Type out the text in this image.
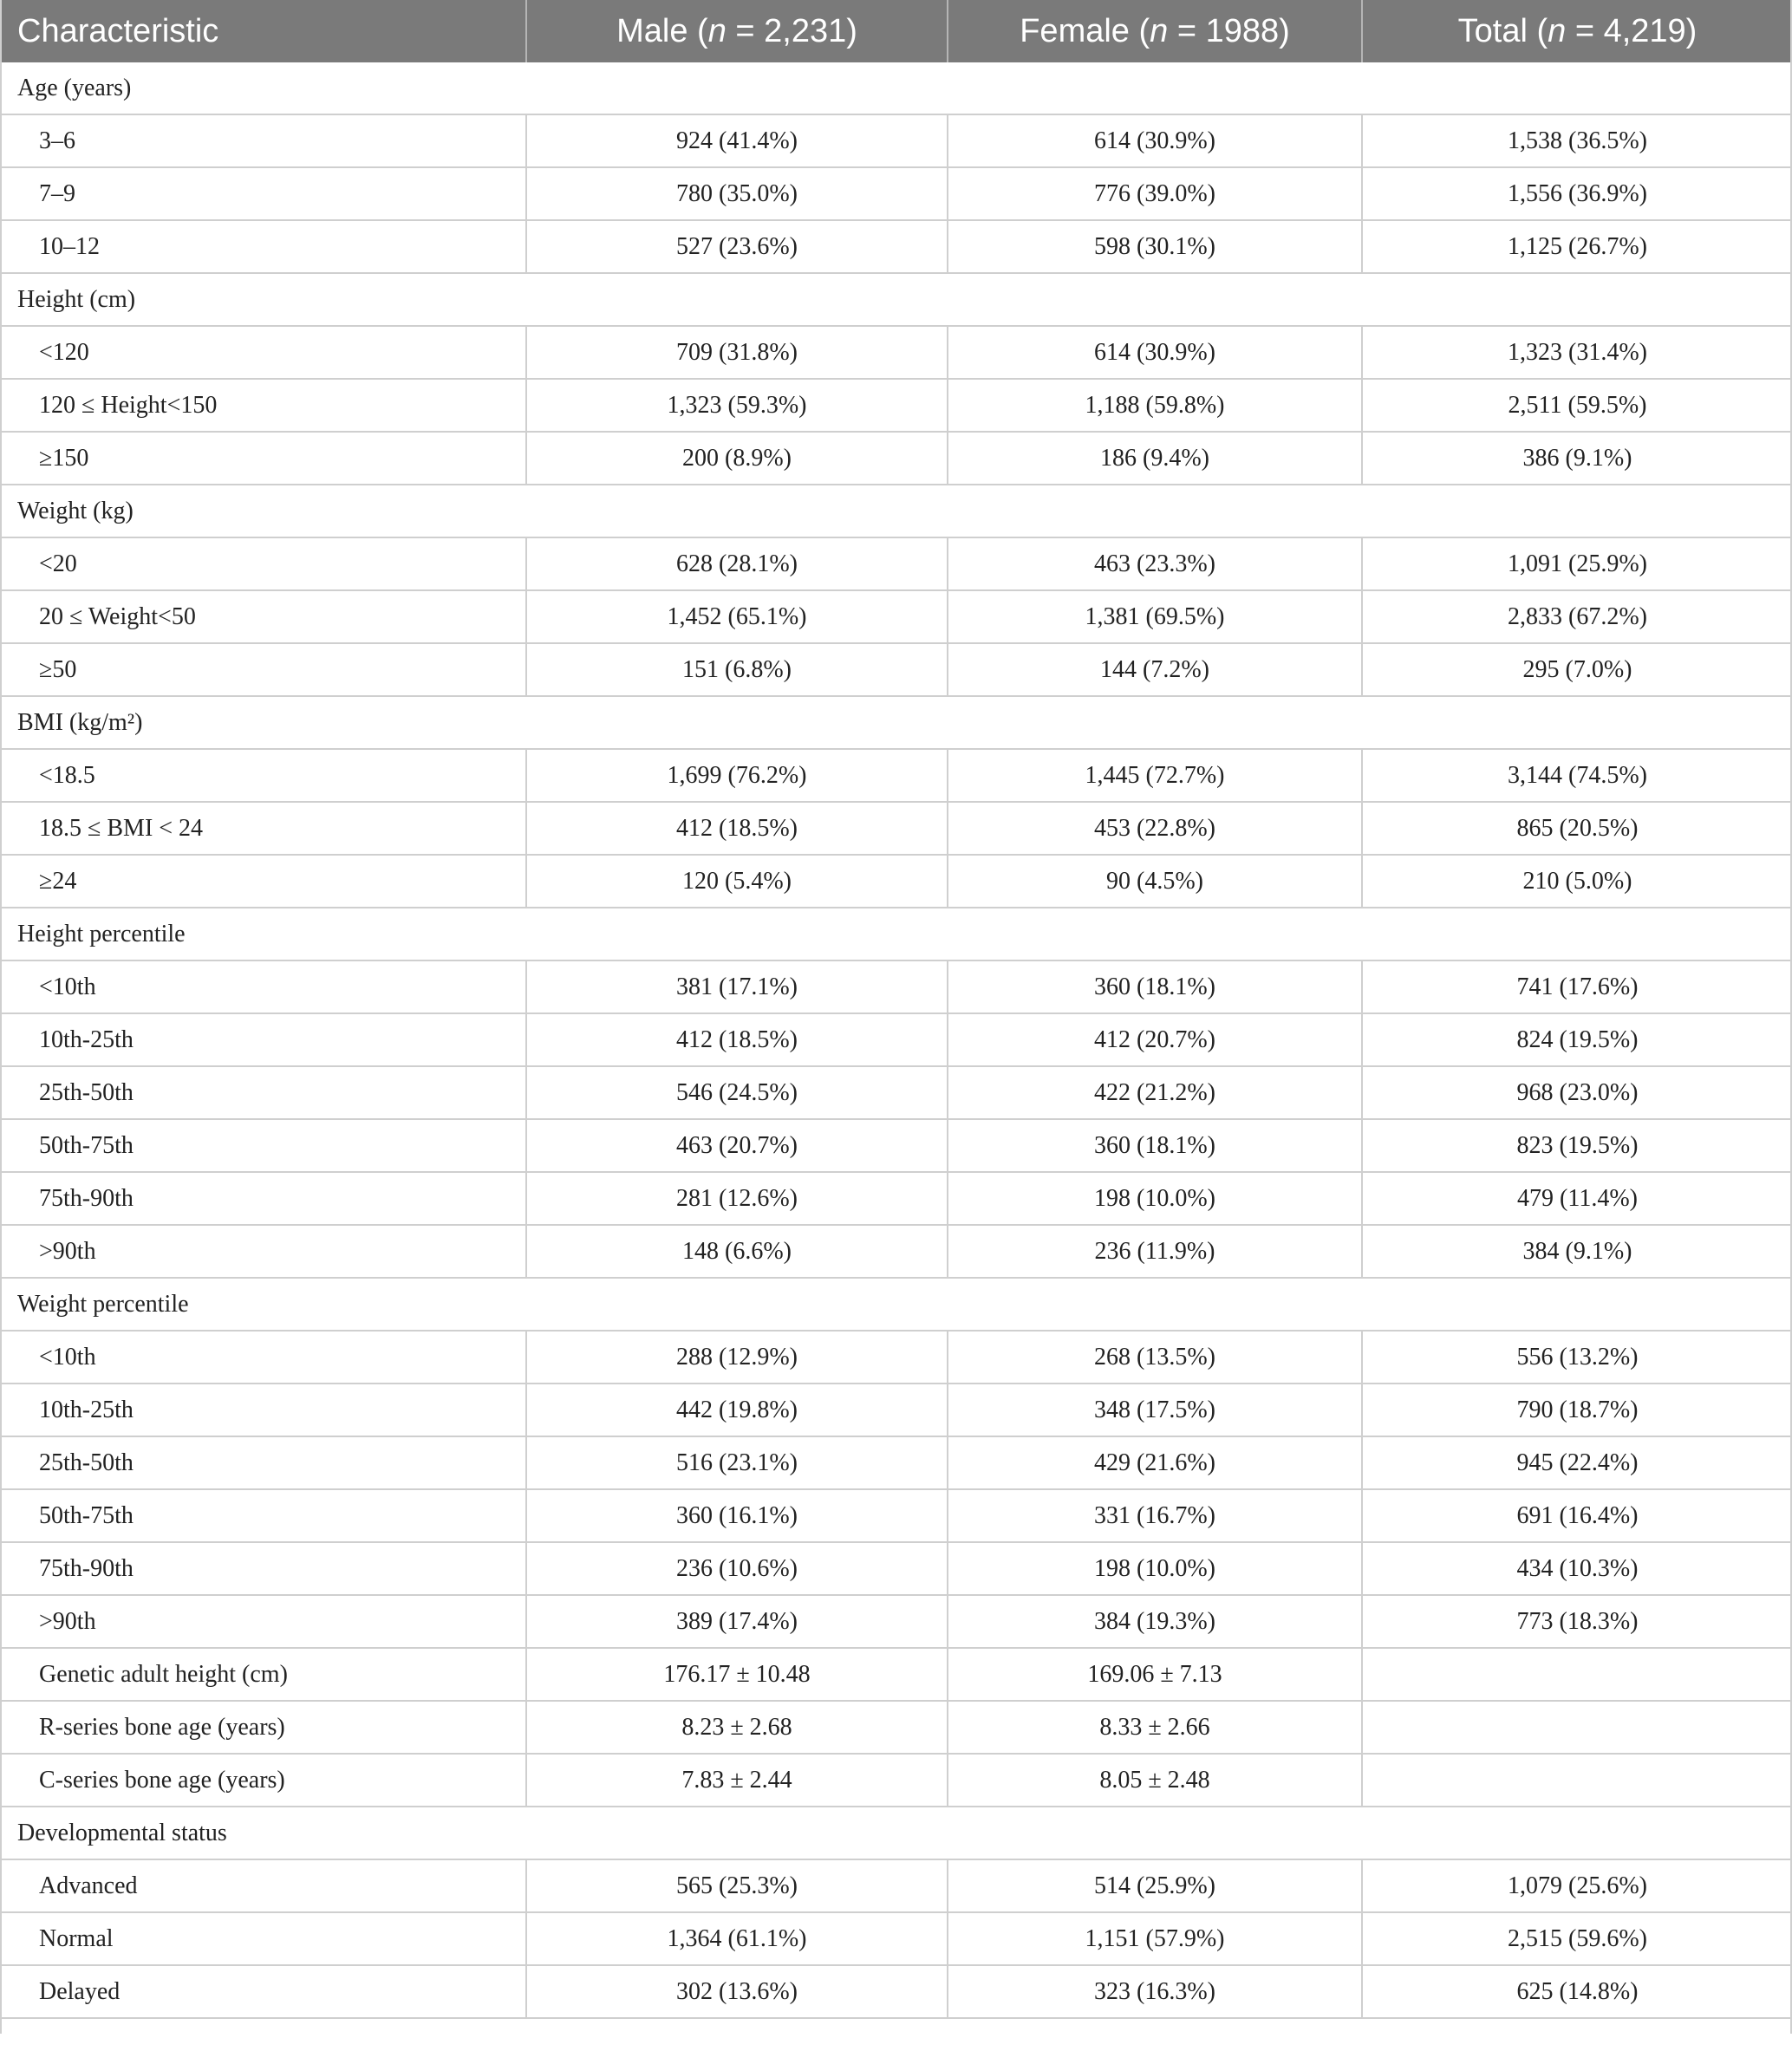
Characteristic	Male (n = 2,231)	Female (n = 1988)	Total (n = 4,219)
Age (years)			
3–6	924 (41.4%)	614 (30.9%)	1,538 (36.5%)
7–9	780 (35.0%)	776 (39.0%)	1,556 (36.9%)
10–12	527 (23.6%)	598 (30.1%)	1,125 (26.7%)
Height (cm)			
<120	709 (31.8%)	614 (30.9%)	1,323 (31.4%)
120 ≤ Height<150	1,323 (59.3%)	1,188 (59.8%)	2,511 (59.5%)
≥150	200 (8.9%)	186 (9.4%)	386 (9.1%)
Weight (kg)			
<20	628 (28.1%)	463 (23.3%)	1,091 (25.9%)
20 ≤ Weight<50	1,452 (65.1%)	1,381 (69.5%)	2,833 (67.2%)
≥50	151 (6.8%)	144 (7.2%)	295 (7.0%)
BMI (kg/m²)			
<18.5	1,699 (76.2%)	1,445 (72.7%)	3,144 (74.5%)
18.5 ≤ BMI < 24	412 (18.5%)	453 (22.8%)	865 (20.5%)
≥24	120 (5.4%)	90 (4.5%)	210 (5.0%)
Height percentile			
<10th	381 (17.1%)	360 (18.1%)	741 (17.6%)
10th-25th	412 (18.5%)	412 (20.7%)	824 (19.5%)
25th-50th	546 (24.5%)	422 (21.2%)	968 (23.0%)
50th-75th	463 (20.7%)	360 (18.1%)	823 (19.5%)
75th-90th	281 (12.6%)	198 (10.0%)	479 (11.4%)
>90th	148 (6.6%)	236 (11.9%)	384 (9.1%)
Weight percentile			
<10th	288 (12.9%)	268 (13.5%)	556 (13.2%)
10th-25th	442 (19.8%)	348 (17.5%)	790 (18.7%)
25th-50th	516 (23.1%)	429 (21.6%)	945 (22.4%)
50th-75th	360 (16.1%)	331 (16.7%)	691 (16.4%)
75th-90th	236 (10.6%)	198 (10.0%)	434 (10.3%)
>90th	389 (17.4%)	384 (19.3%)	773 (18.3%)
Genetic adult height (cm)	176.17 ± 10.48	169.06 ± 7.13	
R-series bone age (years)	8.23 ± 2.68	8.33 ± 2.66	
C-series bone age (years)	7.83 ± 2.44	8.05 ± 2.48	
Developmental status			
Advanced	565 (25.3%)	514 (25.9%)	1,079 (25.6%)
Normal	1,364 (61.1%)	1,151 (57.9%)	2,515 (59.6%)
Delayed	302 (13.6%)	323 (16.3%)	625 (14.8%)
